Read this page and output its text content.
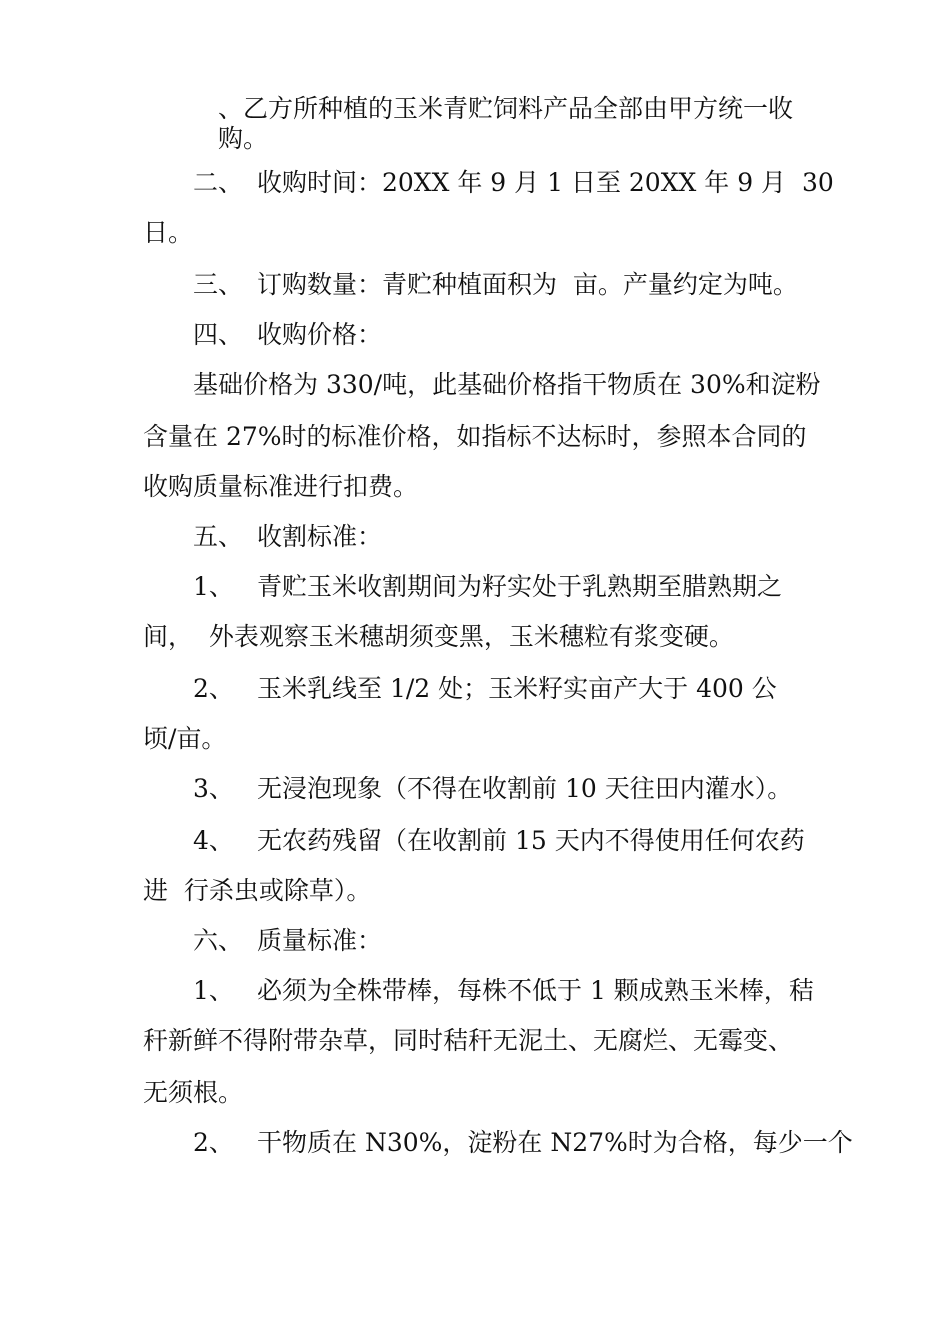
、乙方所种植的玉米青贮饲料产品全部由甲方统一收
购。
二、 收购时间：20XX 年 9 月 1 日至 20XX 年 9 月  30
日。
三、 订购数量：青贮种植面积为  亩。产量约定为吨。
四、 收购价格：
基础价格为 330/吨，此基础价格指干物质在 30%和淀粉
含量在 27%时的标准价格，如指标不达标时，参照本合同的
收购质量标准进行扣费。
五、 收割标准：
1、 青贮玉米收割期间为籽实处于乳熟期至腊熟期之
间，  外表观察玉米穗胡须变黑，玉米穗粒有浆变硬。
2、 玉米乳线至 1/2 处；玉米籽实亩产大于 400 公
顷/亩。
3、 无浸泡现象（不得在收割前 10 天往田内灌水）。
4、 无农药残留（在收割前 15 天内不得使用任何农药
进  行杀虫或除草）。
六、 质量标准：
1、 必须为全株带棒，每株不低于 1 颗成熟玉米棒，秸
秆新鲜不得附带杂草，同时秸秆无泥土、无腐烂、无霉变、
无须根。
2、 干物质在 N30%，淀粉在 N27%时为合格，每少一个
